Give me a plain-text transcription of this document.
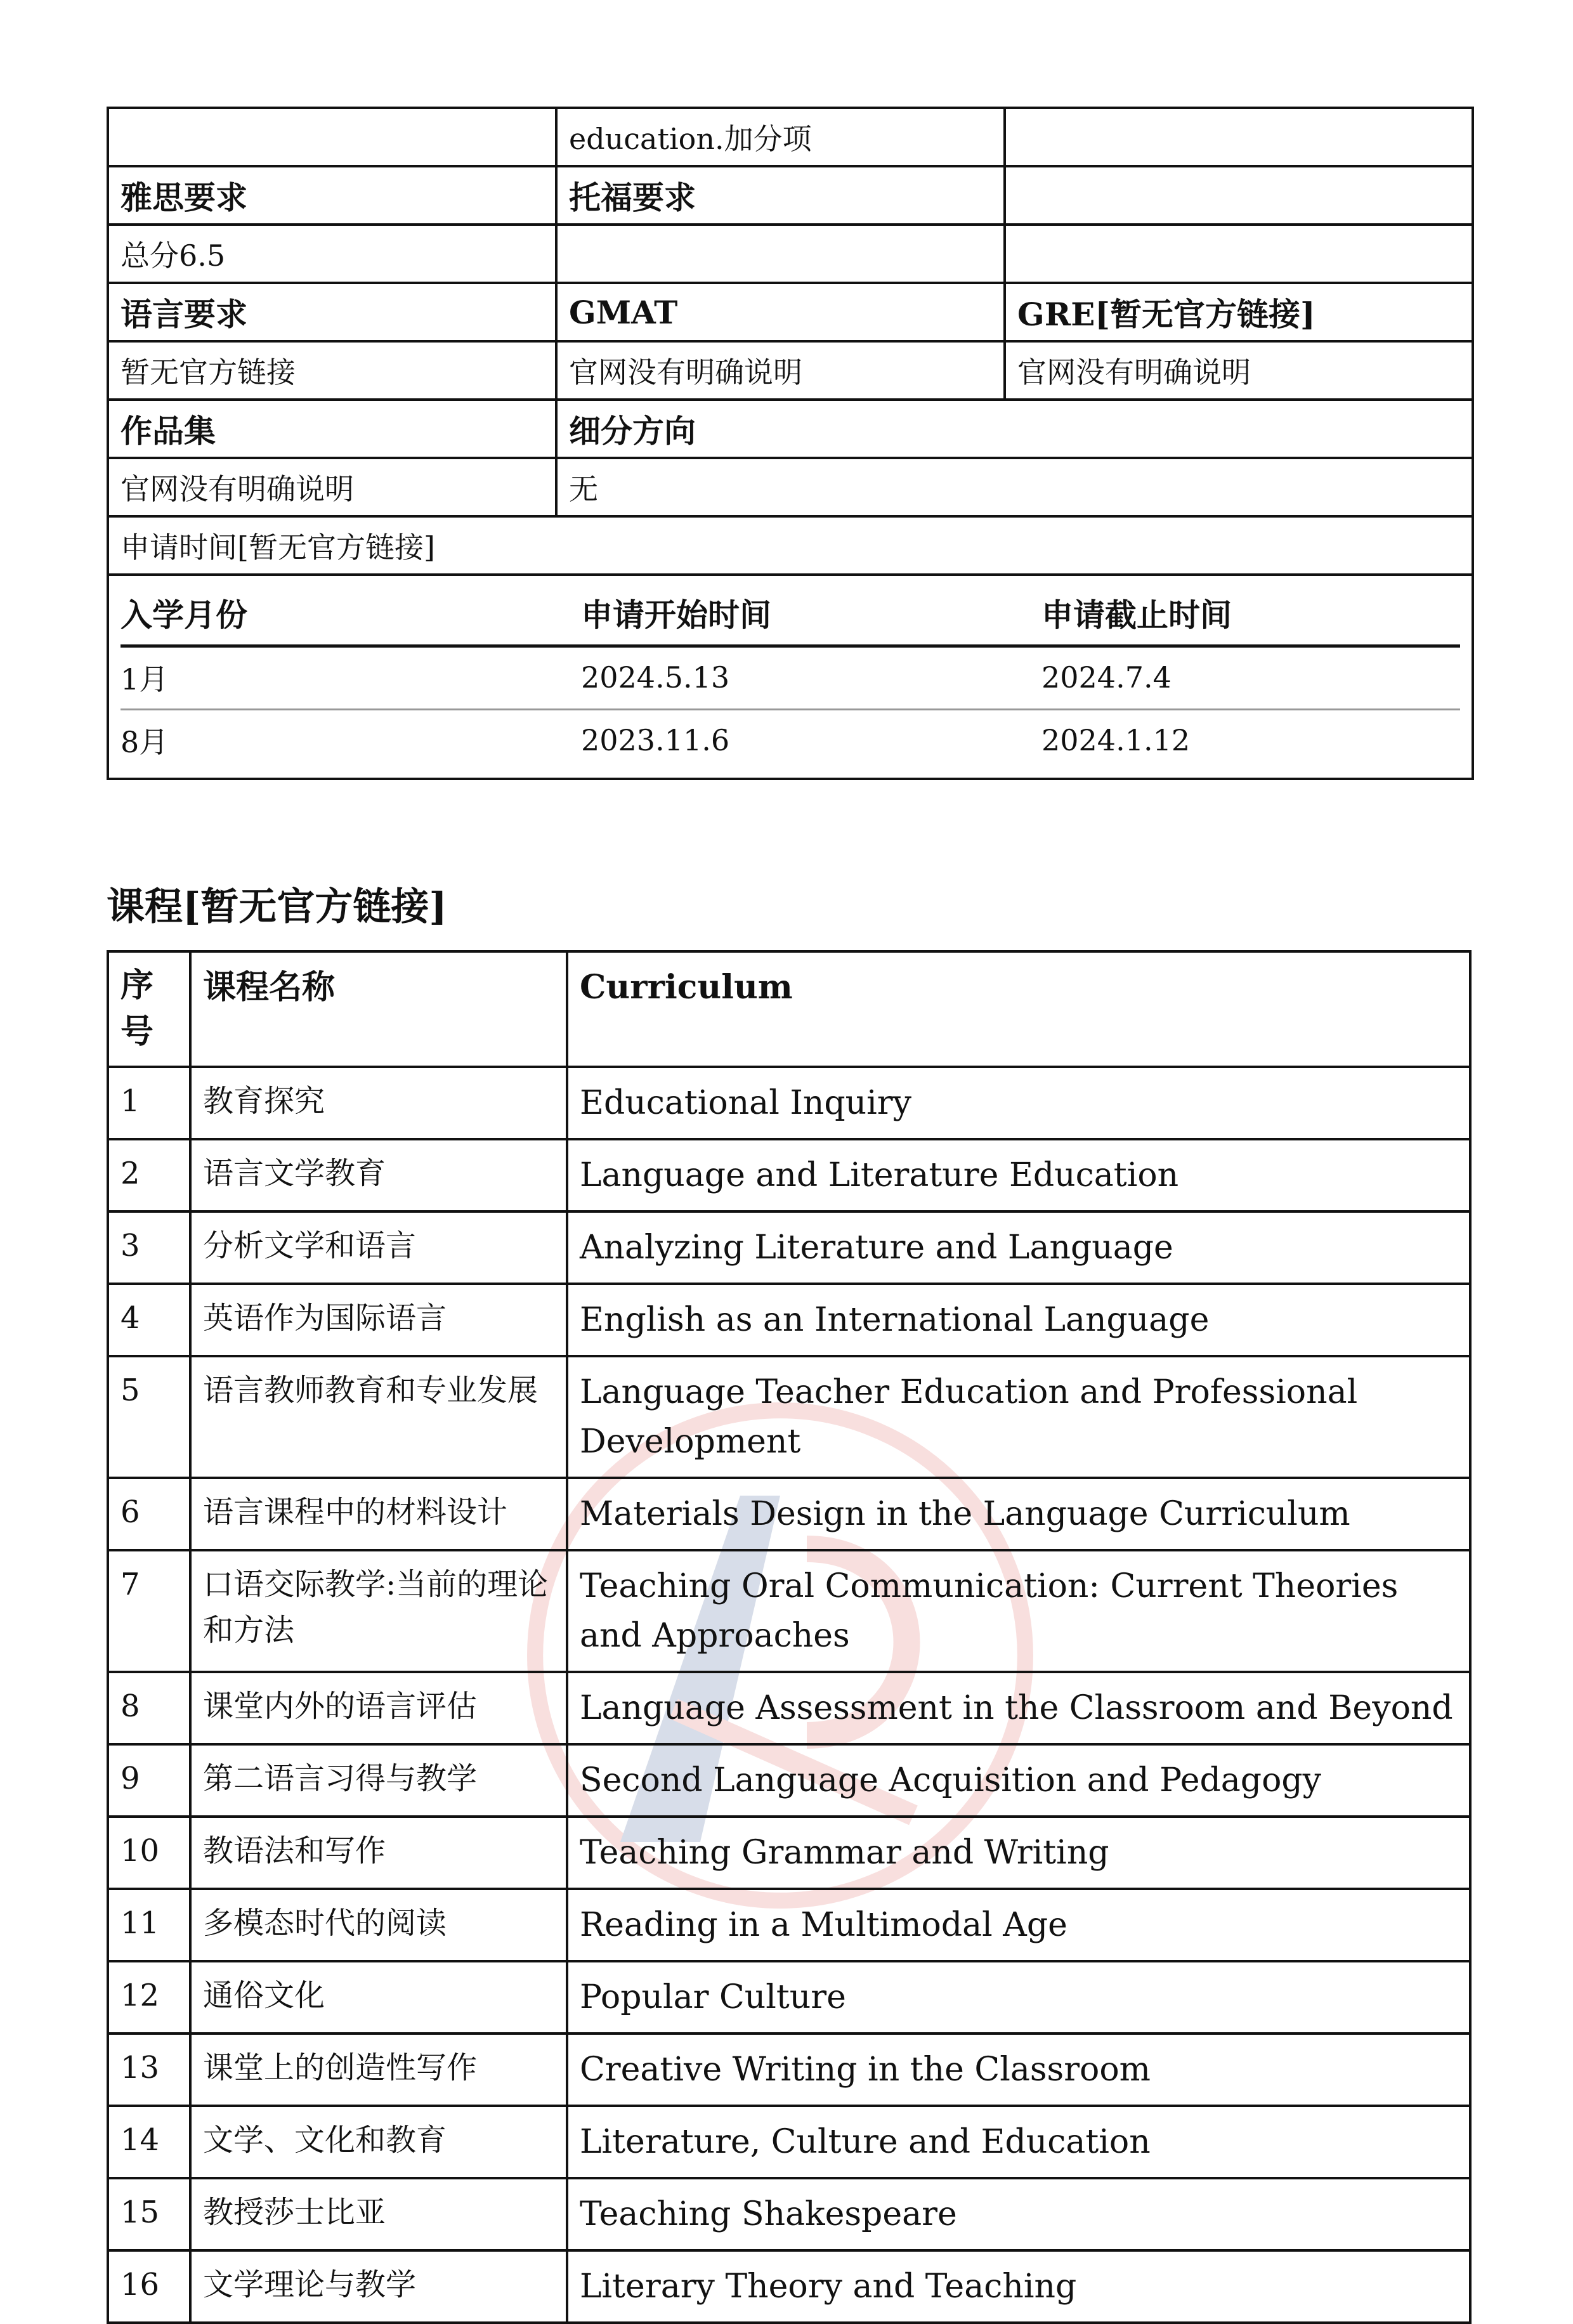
	education.加分项	
雅思要求	托福要求	
总分6.5		
语言要求	GMAT	GRE[暂无官方链接]
暂无官方链接	官网没有明确说明	官网没有明确说明
作品集	细分方向
官网没有明确说明	无
申请时间[暂无官方链接]

入学月份	申请开始时间	申请截止时间
1月	2024.5.13	2024.7.4
8月	2023.11.6	2024.1.12
课程[暂无官方链接]
序号	课程名称	Curriculum
1	教育探究	Educational Inquiry
2	语言文学教育	Language and Literature Education
3	分析文学和语言	Analyzing Literature and Language
4	英语作为国际语言	English as an International Language
5	语言教师教育和专业发展	Language Teacher Education and Professional Development
6	语言课程中的材料设计	Materials Design in the Language Curriculum
7	口语交际教学:当前的理论和方法	Teaching Oral Communication: Current Theories and Approaches
8	课堂内外的语言评估	Language Assessment in the Classroom and Beyond
9	第二语言习得与教学	Second Language Acquisition and Pedagogy
10	教语法和写作	Teaching Grammar and Writing
11	多模态时代的阅读	Reading in a Multimodal Age
12	通俗文化	Popular Culture
13	课堂上的创造性写作	Creative Writing in the Classroom
14	文学、文化和教育	Literature, Culture and Education
15	教授莎士比亚	Teaching Shakespeare
16	文学理论与教学	Literary Theory and Teaching
